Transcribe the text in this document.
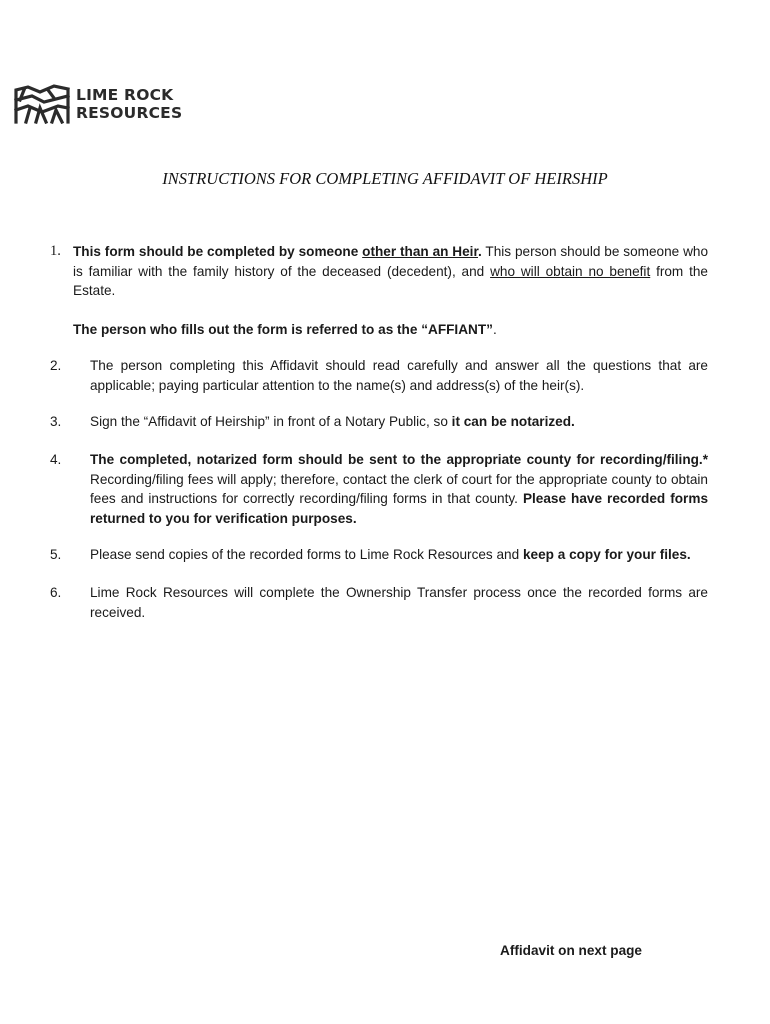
LIME ROCK
RESOURCES
INSTRUCTIONS FOR COMPLETING AFFIDAVIT OF HEIRSHIP
1. This form should be completed by someone other than an Heir. This person should be someone who is familiar with the family history of the deceased (decedent), and who will obtain no benefit from the Estate.
The person who fills out the form is referred to as the “AFFIANT”.
2. The person completing this Affidavit should read carefully and answer all the questions that are applicable; paying particular attention to the name(s) and address(s) of the heir(s).
3. Sign the “Affidavit of Heirship” in front of a Notary Public, so it can be notarized.
4. The completed, notarized form should be sent to the appropriate county for recording/filing.* Recording/filing fees will apply; therefore, contact the clerk of court for the appropriate county to obtain fees and instructions for correctly recording/filing forms in that county. Please have recorded forms returned to you for verification purposes.
5. Please send copies of the recorded forms to Lime Rock Resources and keep a copy for your files.
6. Lime Rock Resources will complete the Ownership Transfer process once the recorded forms are received.
Affidavit on next page
